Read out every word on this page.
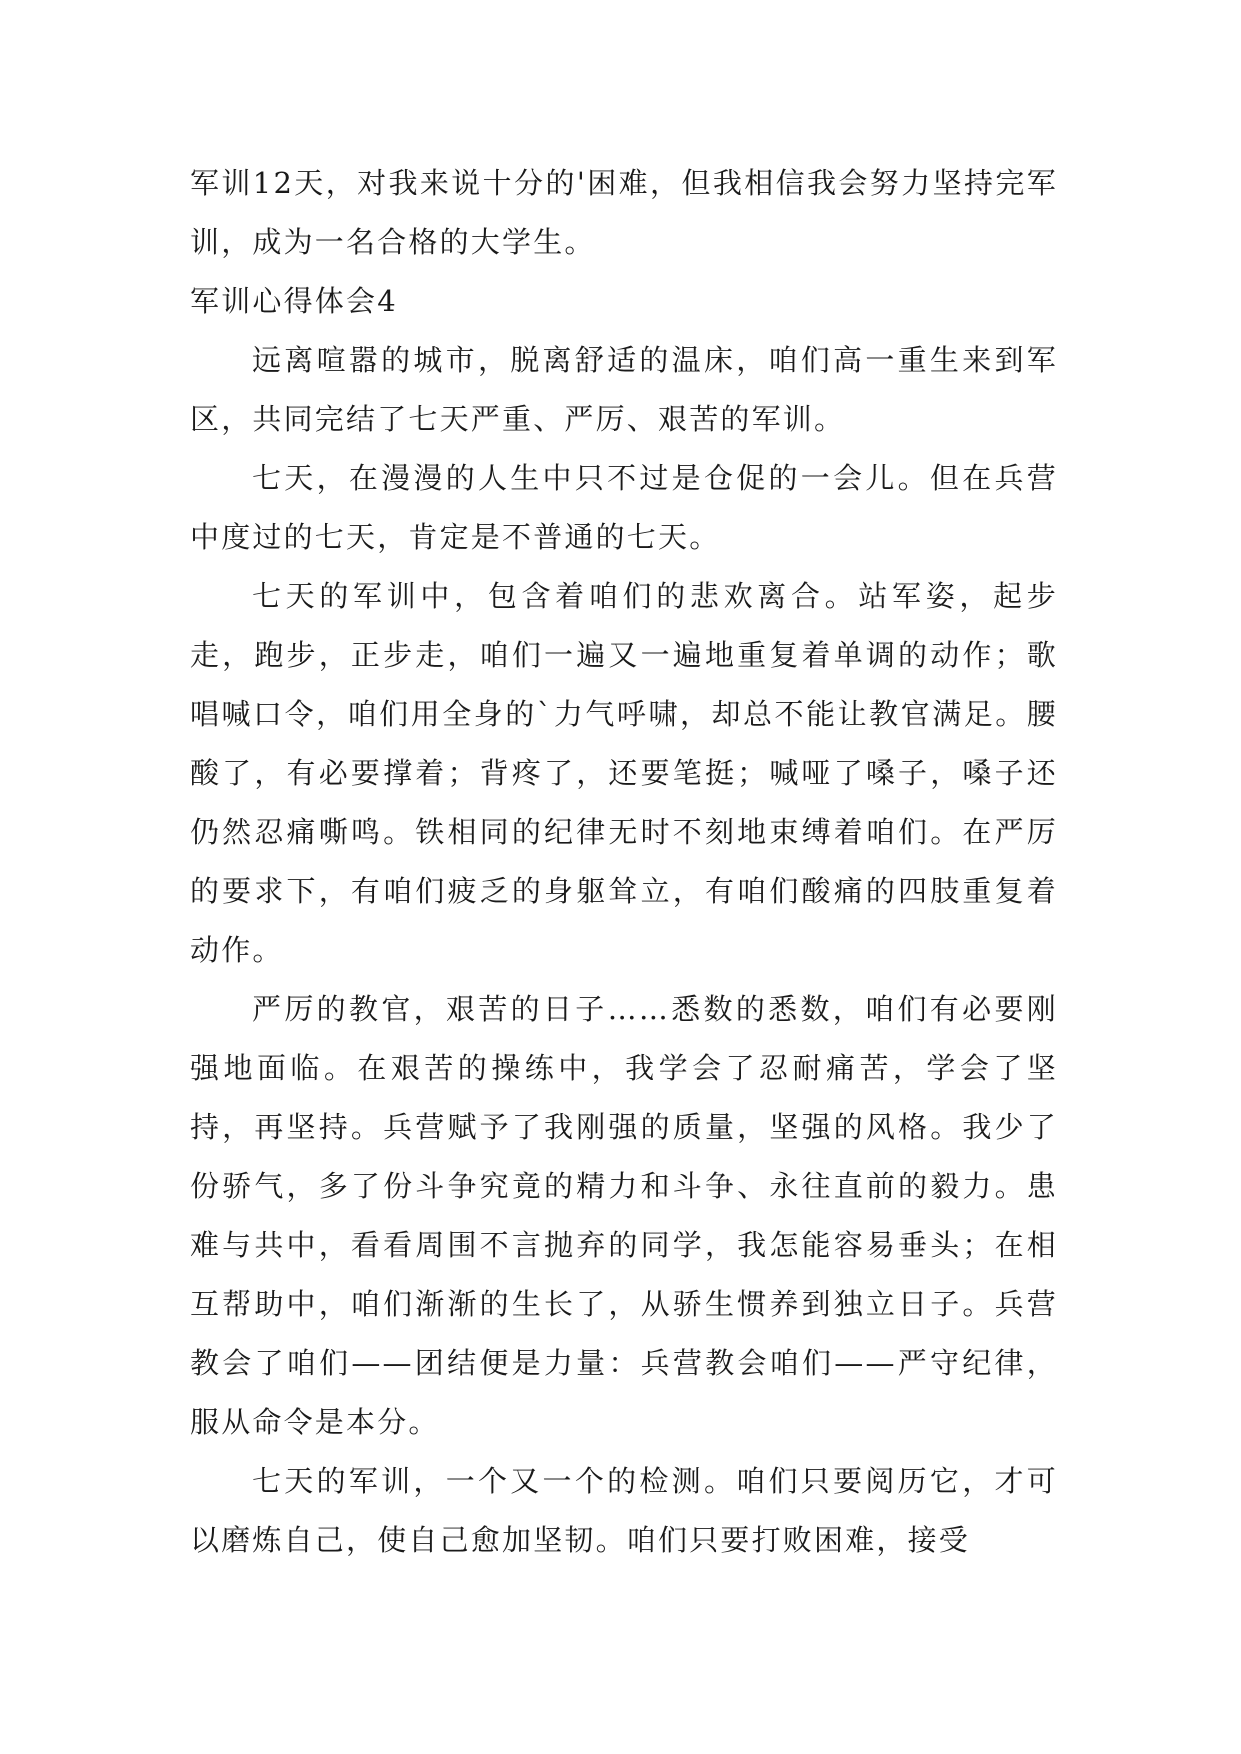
军训12天，对我来说十分的'困难，但我相信我会努力坚持完军训，成为一名合格的大学生。

军训心得体会4

远离喧嚣的城市，脱离舒适的温床，咱们高一重生来到军区，共同完结了七天严重、严厉、艰苦的军训。

七天，在漫漫的人生中只不过是仓促的一会儿。但在兵营中度过的七天，肯定是不普通的七天。

七天的军训中，包含着咱们的悲欢离合。站军姿，起步走，跑步，正步走，咱们一遍又一遍地重复着单调的动作；歌唱喊口令，咱们用全身的`力气呼啸，却总不能让教官满足。腰酸了，有必要撑着；背疼了，还要笔挺；喊哑了嗓子，嗓子还仍然忍痛嘶鸣。铁相同的纪律无时不刻地束缚着咱们。在严厉的要求下，有咱们疲乏的身躯耸立，有咱们酸痛的四肢重复着动作。

严厉的教官，艰苦的日子……悉数的悉数，咱们有必要刚强地面临。在艰苦的操练中，我学会了忍耐痛苦，学会了坚持，再坚持。兵营赋予了我刚强的质量，坚强的风格。我少了份骄气，多了份斗争究竟的精力和斗争、永往直前的毅力。患难与共中，看看周围不言抛弃的同学，我怎能容易垂头；在相互帮助中，咱们渐渐的生长了，从骄生惯养到独立日子。兵营教会了咱们——团结便是力量：兵营教会咱们——严守纪律，服从命令是本分。

七天的军训，一个又一个的检测。咱们只要阅历它，才可以磨炼自己，使自己愈加坚韧。咱们只要打败困难，接受
